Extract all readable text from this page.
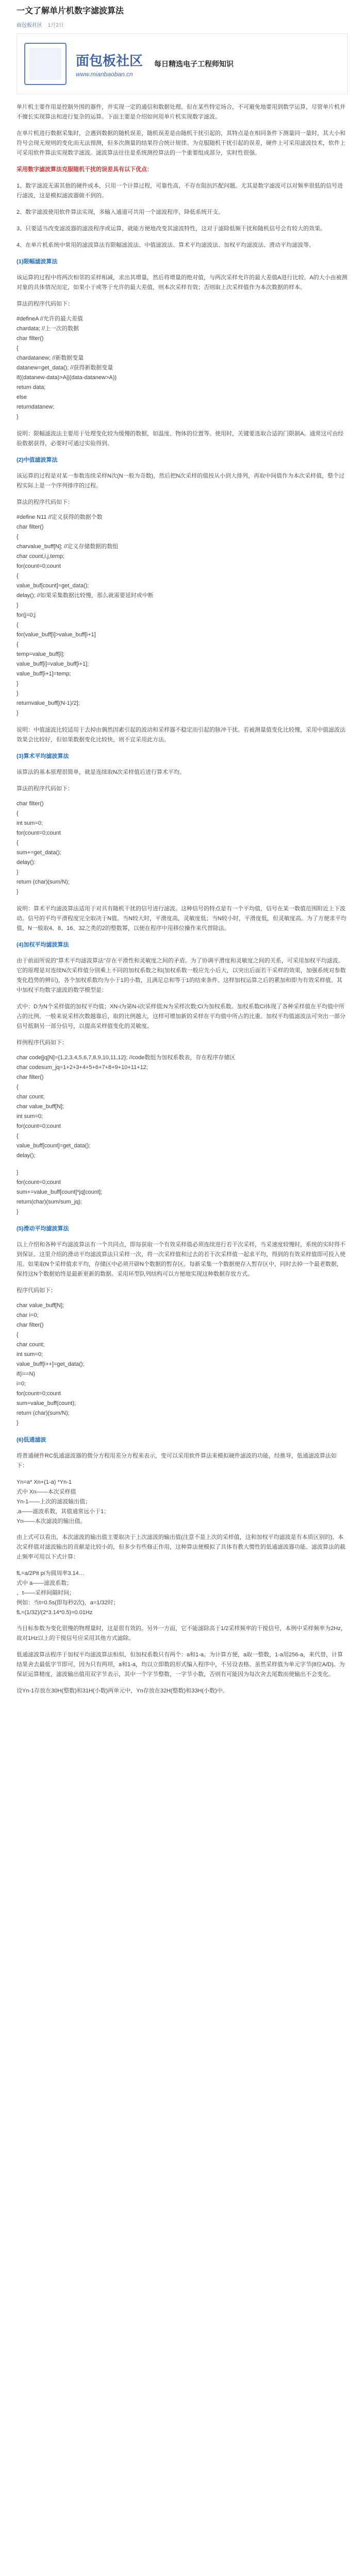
一文了解单片机数字滤波算法
面包板社区 1月2日
面包板社区
www.mianbaoban.cn
每日精选电子工程师知识

单片机主要作用是控制外围的器件，并实现一定的通信和数据处理。但在某些特定场合，不可避免地要用到数学运算，尽管单片机并不擅长实现算法和进行复杂的运算。下面主要是介绍如何用单片机实现数字滤波。

在单片机进行数据采集时，会遇到数据的随机误差，随机误差是由随机干扰引起的，其特点是在相同条件下测量同一量时，其大小和符号会现无规则的变化而无法预测，但多次测量的结果符合统计规律。为克服随机干扰引起的误差，硬件上可采用滤波技术，软件上可采用软件算法实现数字滤波。滤波算法往往是系统测控算法的一个重要组成部分，实时性很强。

采用数字滤波算法克服随机干扰的误差具有以下优点：

1、数字滤波无需其他的硬件成本，只用一个计算过程，可靠性高，不存在阻抗匹配问题。尤其是数字滤波可以对频率很低的信号进行滤波，这是模拟滤波器做不到的。

2、数字滤波使用软件算法实现，多输入通道可共用一个滤波程序，降低系统开支。

3、只要适当改变滤波器的滤波程序或运算，就能方便地改变其滤波特性，这对于滤除低频干扰和随机信号会有较大的效果。

4、在单片机系统中常用的滤波算法有限幅滤波法、中值滤波法、算术平均滤波法、加权平均滤波法、滑动平均滤波等。

(1)限幅滤波算法

该运算的过程中将两次相邻的采样相减，求出其增量，然后将增量的绝对值，与两次采样允许的最大差值A进行比较。A的大小由被测对象的具体情况而定，如果小于或等于允许的最大差值，则本次采样有效；否则取上次采样值作为本次数据的样本。

算法的程序代码如下：

#definеA //允许的最大差值

chardata; //上一次的数据

char filter()

{

chardatanew; //新数据变量

datanew=get_data(); //获得新数据变量

if((datanew-data)>A||(data-datanew>A))

return data;

else

returndatanew;

}

说明：限幅滤波法主要用于处理变化较为缓慢的数据，如温度、物体的位置等。使用时，关键要选取合适的门限制A。通常这可由经验数据获得，必要时可通过实验得到。

(2)中值滤波算法

该运算的过程是对某一参数连续采样N次(N一般为奇数)，然后把N次采样的值按从小到大排列，再取中间值作为本次采样值，整个过程实际上是一个序列排序的过程。

算法的程序代码如下：

#define N11 //定义获得的数据个数

char filter()

{

charvalue_buff[N]; //定义存储数据的数组

char count,i,j,temp;

for(count=0;count

{

value_buf[count]=get_data();

delay(); //如果采集数据比较慢，那么就需要延时或中断

}

for(j=0;j

{

for(value_buff[i]>value_buff[i+1]

{

temp=value_buff[i];

value_buff[i]=value_buff[i+1];

value_buff[i+1]=temp;

}

}

returnvalue_buff[(N-1)/2];

}

说明：中值滤波比较适用于去掉由偶然因素引起的波动和采样器不稳定而引起的脉冲干扰。若被测量值变化比较慢，采用中值滤波法效果会比较好，但如果数据变化比较快，则不宜采用此方法。

(3)算术平均滤波算法

该算法的基本原理很简单，就是连续取N次采样值后进行算术平均。

算法的程序代码如下：

char filter()

{

int sum=0;

for(count=0;count

{

sum+=get_data();

delay():

}

return (char)(sum/N);

}

说明：算术平均滤波算法适用于对具有随机干扰的信号进行滤波。这种信号的特点是有一个平均值，信号在某一数值范围附近上下波动。信号的平均平滑程度完全取决于N值。当N较大时，平滑度高，灵敏度低；当N较小时，平滑度低，但灵敏度高。为了方便求平均值，N一般取4、8、16、32之类的2的整数幂，以便在程序中用移位操作来代替除法。

(4)加权平均滤波算法

由于前面所说的"算术平均滤波算法"存在平滑性和灵敏度之间的矛盾。为了协调平滑度和灵敏度之间的关系，可采用加权平均滤波。它的原理是对连续N次采样值分别乘上不同的加权系数之和(加权系数一般应先小后大，以突出后面若干采样的效果，加强系统对参数变化趋势的辨识)，各个加权系数均为小于1的小数，且满足总和等于1的结束条件。这样加权运算之后的累加和即为有效采样值。其中加权平均数字滤波的数学模型是：

式中：D为N个采样值的加权平均值；XN-i为第N-i次采样值;N为采样次数;Ci为加权系数。加权系数Ci体现了各种采样值在平均值中所占的比例。一般来说采样次数越靠后，取的比例越大，这样可增加新的采样在平均值中所占的比重。加权平均值滤波法可突出一部分信号抵制另一部分信号，以提高采样值变化的灵敏度。

样例程序代码如下：

char code[jq[N]={1,2,3,4,5,6,7,8,9,10,11,12}; //code数组为加权系数表，存在程序存储区

char codesum_jq=1+2+3+4+5+6+7+8+9+10+11+12;

char filter()

{

char count;

char value_buff[N];

int sum=0;

for(count=0;count

{

value_buff[count]=get_data();

delay();

}

for(count=0;count

sum+=value_buff[count]*jq[count];

return(char)(sum/sum_jq);

}

(5)滑动平均滤波算法

以上介绍和各种平均滤波算法有一个共同点，即每获取一个有效采样值必须连续进行若干次采样，当采速度较慢时，系统的实时得不到保证。这里介绍的滑动平均滤波算法只采样一次，将一次采样值和过去的若干次采样值一起求平均，得到的有效采样值即可投入使用。如果取N个采样值求平均，存储区中必须开辟N个数据的暂存区。每新采集一个数据便存入暂存区中，同时去掉一个最老数据，保持这N个数据始终是最新更新的数据。采用环型队列结构可以方便地实现这种数据存放方式。

程序代码如下：

char value_buff[N];

char i=0;

char filter()

{

char count;

int sum=0;

value_buff[i++]=get_data();

if(i==N)

i=0;

for(count=0;count

sum=value_buff(count);

return (char)(sum/N);

}

(6)低通滤波

将普通硬件RC低通滤波器的微分方程用差分方程来表示，变可以采用软件算法来模拟硬件滤波的功能，经推导，低通滤波算法如下：

Yn=a* Xn+(1-a) *Yn-1

式中 Xn——本次采样值

Yn-1——上次的滤波输出值；

,a——滤波系数，其值通常远小于1；

Yn——本次滤波的输出值。

由上式可以看出，本次滤波的输出值主要取决于上次滤波的输出值(注意不是上次的采样值，这和加权平均滤波是有本质区别的)，本次采样值对滤波输出的贡献是比较小的，但多少有些修正作用，这种算法便模拟了具体有教大惯性的低通滤波器功能。滤波算法的截止频率可用以下式计算：

fL=a/2Pit pi为圆周率3.14…

式中 a——滤波系数；

、t——采样间隔时间；

例如：当t=0.5s(即每秒2次)，a=1/32时；

fL=(1/32)/(2*3.14*0.5)=0.01Hz

当目标参数为变化很慢的物理量时，这是很有效的。另外一方面，它不能滤除高于1/2采样频率的干搅信号，本例中采样频率为2Hz，故对1Hz以上的干搅信号应采用其他方式滤除。

低通滤波算法程序于加权平均滤波算法相似，但加权系数只有两个：a和1-a。为计算方便，a取一整数，1-a用256-a，来代替，计算结果舍去最低字节即可，因为只有两项，a和1-a，均以立即数的形式编入程序中，不另设表格。虽然采样值为单元字节(8位A/D)。为保证运算精度，滤波输出值用双字节表示，其中一个字节整数，一字节小数，否则有可能因为每次舍去尾数而使输出不会变化。

设Yn-1存放在30H(整数)和31H(小数)两单元中，Yn存放在32H(整数)和33H(小数)中。
